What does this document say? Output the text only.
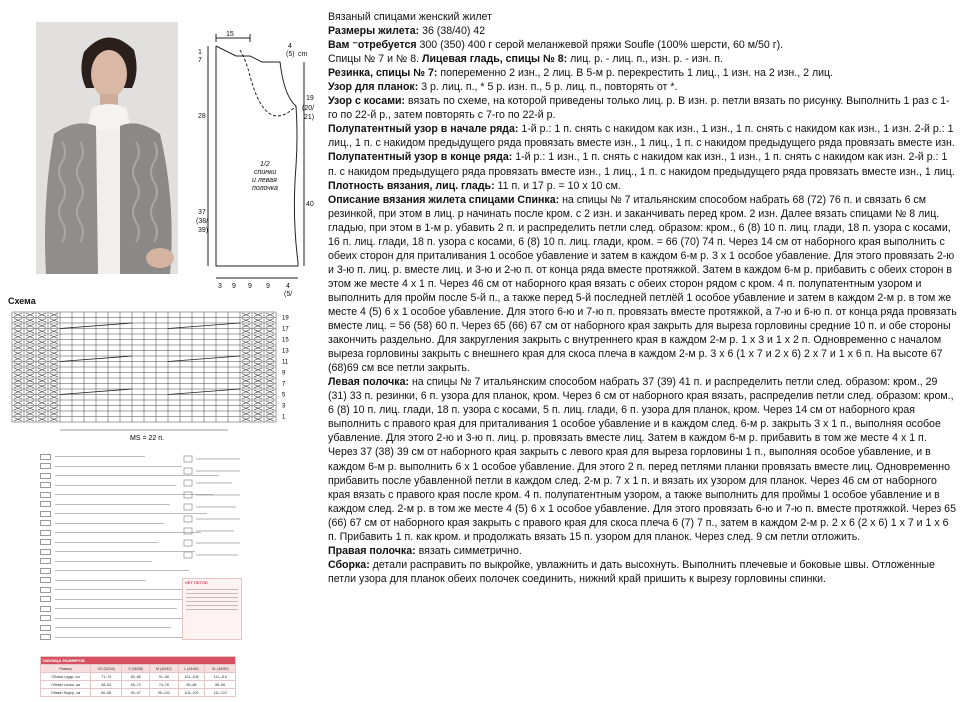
15
1
7
4
(5) cm
28
19
(20/
21)
1/2
спинки
и левая
полочка
40
37
(38/
39)
3 9 9 9 4
(5/
Схема
19
17
15
13
11
9
7
5
3
1
MS = 22 п.
НЕТ ПЕТЛИ
ТАБЛИЦА РАЗМЕРОВ					
Размер	XS (32/34)	S (36/38)	M (40/42)	L (44/46)	XL (48/50)
Обхват груди, см	71–79	80–88	91–98	101–108	111–118
Обхват талии, см	58–63	65–72	74–78	80–86	88–96
Обхват бедер, см	80–88	90–97	96–102	104–109	111–122

Вязаный спицами женский жилет

Размеры жилета: 36 (38/40) 42

Вам ⁻отребуется 300 (350) 400 г серой меланжевой пряжи Soufle (100% шерсти, 60 м/50 г).

Спицы № 7 и № 8. Лицевая гладь, спицы № 8: лиц. р. - лиц. п., изн. р. - изн. п.

Резинка, спицы № 7: попеременно 2 изн., 2 лиц. В 5-м р. перекрестить 1 лиц., 1 изн. на 2 изн., 2 лиц.

Узор для планок: 3 р. лиц. п., * 5 р. изн. п., 5 р. лиц. п., повторять от *.

Узор с косами: вязать по схеме, на которой приведены только лиц. р. В изн. р. петли вязать по рисунку. Выполнить 1 раз с 1-го по 22-й р., затем повторять с 7-го по 22-й р.

Полупатентный узор в начале ряда: 1-й р.: 1 п. снять с накидом как изн., 1 изн., 1 п. снять с накидом как изн., 1 изн. 2-й р.: 1 лиц., 1 п. с накидом предыдущего ряда провязать вместе изн., 1 лиц., 1 п. с накидом предыдущего ряда провязать вместе изн.

Полупатентный узор в конце ряда: 1-й р.: 1 изн., 1 п. снять с накидом как изн., 1 изн., 1 п. снять с накидом как изн. 2-й р.: 1 п. с накидом предыдущего ряда провязать вместе изн., 1 лиц., 1 п. с накидом предыдущего ряда провязать вместе изн., 1 лиц. Плотность вязания, лиц. гладь: 11 п. и 17 р. = 10 х 10 см.

Описание вязания жилета спицами Спинка: на спицы № 7 итальянским способом набрать 68 (72) 76 п. и связать 6 см резинкой, при этом в лиц. р начинать после кром. с 2 изн. и заканчивать перед кром. 2 изн. Далее вязать спицами № 8 лиц. гладью, при этом в 1-м р. убавить 2 п. и распределить петли след. образом: кром., 6 (8) 10 п. лиц. глади, 18 п. узора с косами, 16 п. лиц. глади, 18 п. узора с косами, 6 (8) 10 п. лиц. глади, кром. = 66 (70) 74 п. Через 14 см от наборного края выполнить с обеих сторон для приталивания 1 особое убавление и затем в каждом 6-м р. 3 х 1 особое убавление. Для этого провязать 2-ю и 3-ю п. лиц. р. вместе лиц. и 3-ю и 2-ю п. от конца ряда вместе протяжкой. Затем в каждом 6-м р. прибавить с обеих сторон в этом же месте 4 х 1 п. Через 46 см от наборного края вязать с обеих сторон рядом с кром. 4 п. полупатентным узором и выполнить для пройм после 5-й п., а также перед 5-й последней петлёй 1 особое убавление и затем в каждом 2-м р. в том же месте 4 (5) 6 х 1 особое убавление. Для этого 6-ю и 7-ю п. провязать вместе протяжкой, а 7-ю и 6-ю п. от конца ряда провязать вместе лиц. = 56 (58) 60 п. Через 65 (66) 67 см от наборного края закрыть для выреза горловины средние 10 п. и обе стороны закончить раздельно. Для закругления закрыть с внутреннего края в каждом 2-м р. 1 х 3 и 1 х 2 п. Одновременно с началом выреза горловины закрыть с внешнего края для скоса плеча в каждом 2-м р. 3 х 6 (1 х 7 и 2 х 6) 2 х 7 и 1 х 6 п. На высоте 67 (68)69 см все петли закрыть.

Левая полочка: на спицы № 7 итальянским способом набрать 37 (39) 41 п. и распределить петли след. образом: кром., 29 (31) 33 п. резинки, 6 п. узора для планок, кром. Через 6 см от наборного края вязать, распределив петли след. образом: кром., 6 (8) 10 п. лиц. глади, 18 п. узора с косами, 5 п. лиц. глади, 6 п. узора для планок, кром. Через 14 см от наборного края выполнить с правого края для приталивания 1 особое убавление и в каждом след. 6-м р. закрыть 3 х 1 п., выполняя особое убавление. Для этого 2-ю и 3-ю п. лиц. р. провязать вместе лиц. Затем в каждом 6-м р. прибавить в том же месте 4 х 1 п.

Через 37 (38) 39 см от наборного края закрыть с левого края для выреза горловины 1 п., выполняя особое убавление, и в каждом 6-м р. выполнить 6 х 1 особое убавление. Для этого 2 п. перед петлями планки провязать вместе лиц. Одновременно прибавить после убавленной петли в каждом след. 2-м р. 7 х 1 п. и вязать их узором для планок. Через 46 см от наборного края вязать с правого края после кром. 4 п. полупатентным узором, а также выполнить для проймы 1 особое убавление и в каждом след. 2-м р. в том же месте 4 (5) 6 х 1 особое убавление. Для этого провязать 6-ю и 7-ю п. вместе протяжкой. Через 65 (66) 67 см от наборного края закрыть с правого края для скоса плеча 6 (7) 7 п., затем в каждом 2-м р. 2 х 6 (2 х 6) 1 х 7 и 1 х 6 п. Прибавить 1 п. как кром. и продолжать вязать 15 п. узором для планок. Через след. 9 см петли отложить.

Правая полочка: вязать симметрично.

Сборка: детали расправить по выкройке, увлажнить и дать высохнуть. Выполнить плечевые и боковые швы. Отложенные петли узора для планок обеих полочек соединить, нижний край пришить к вырезу горловины спинки.
